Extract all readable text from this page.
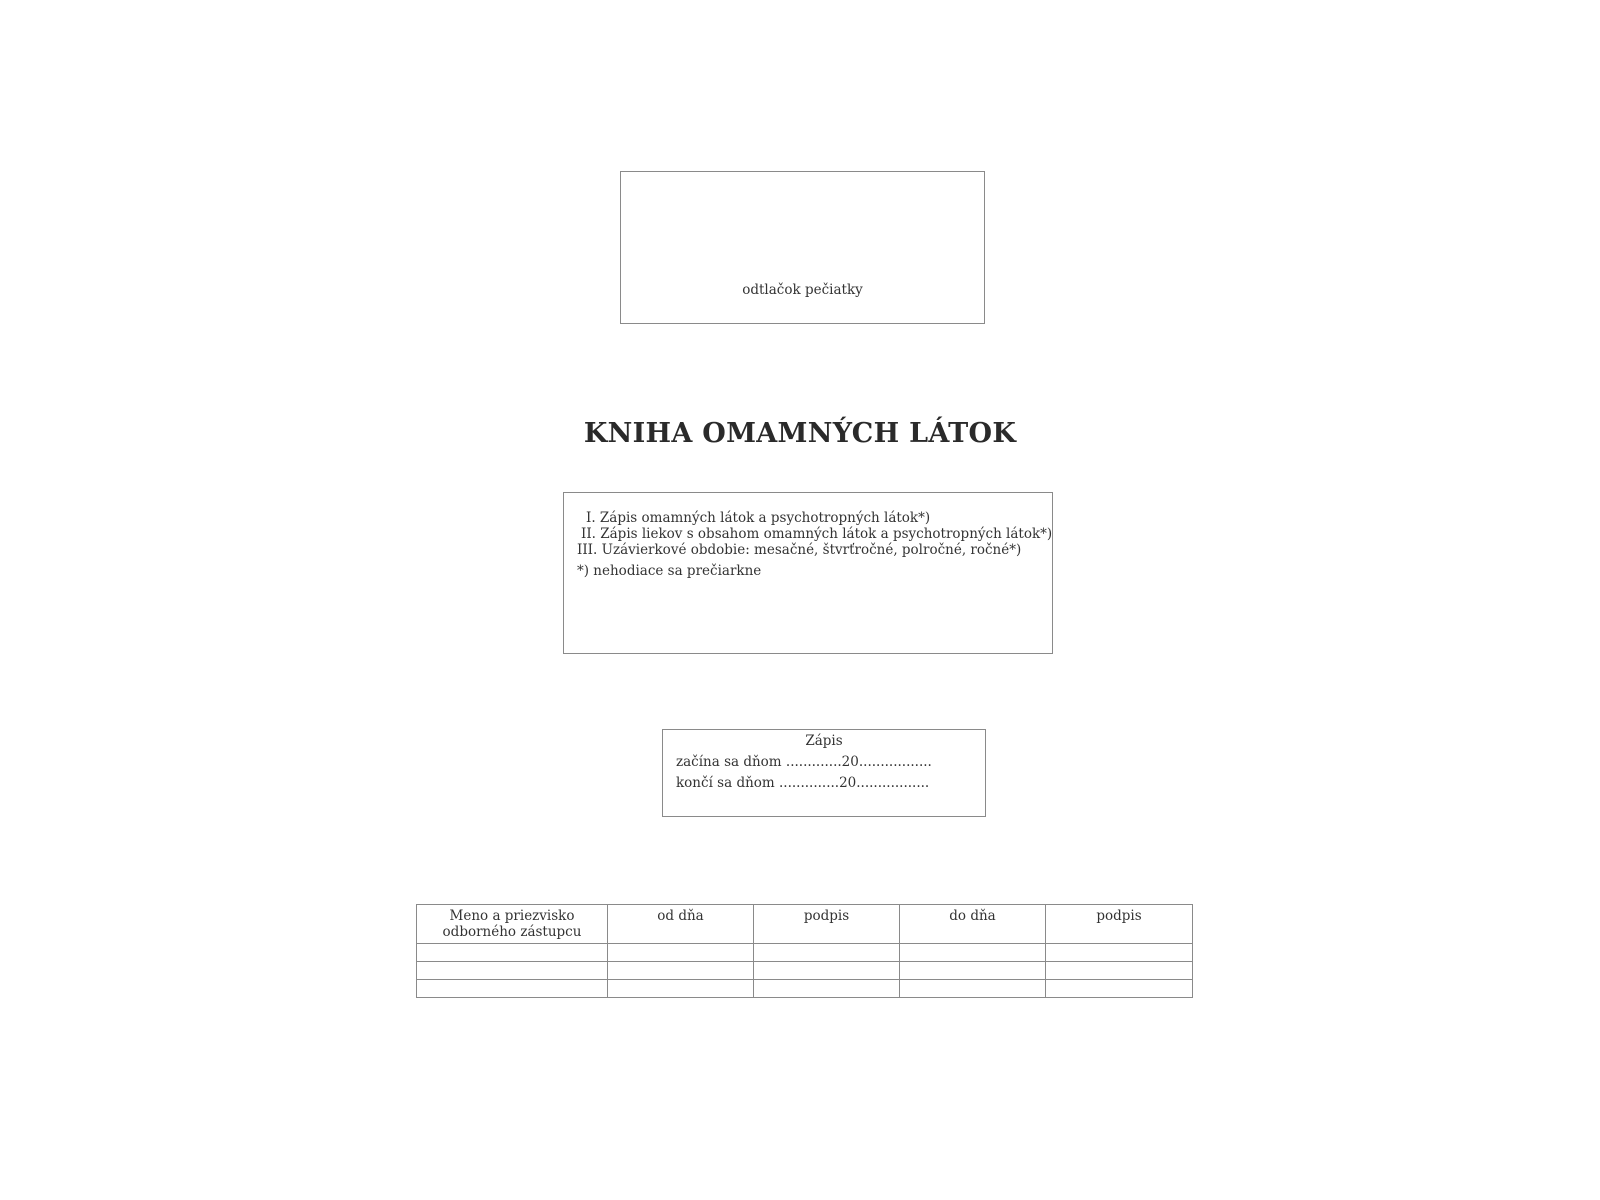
odtlačok pečiatky
KNIHA OMAMNÝCH LÁTOK
I. Zápis omamných látok a psychotropných látok*)
II. Zápis liekov s obsahom omamných látok a psychotropných látok*)
III. Uzávierkové obdobie: mesačné, štvrťročné, polročné, ročné*)
*) nehodiace sa prečiarkne
Zápis
začína sa dňom .............20.................
končí sa dňom ..............20.................
Meno a priezvisko odborného zástupcu	od dňa	podpis	do dňa	podpis
